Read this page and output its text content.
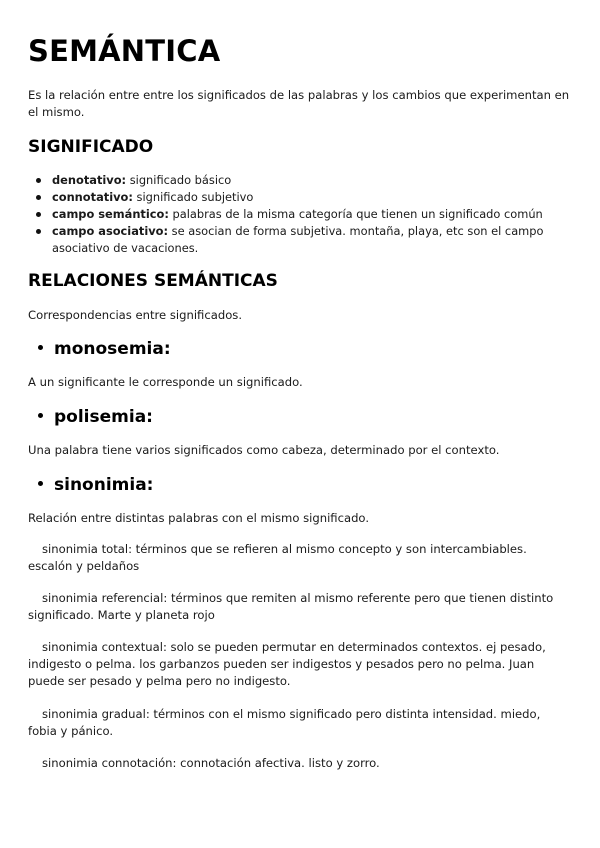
SEMÁNTICA

Es la relación entre entre los significados de las palabras y los cambios que experimentan en el mismo.

SIGNIFICADO
denotativo: significado básico
connotativo: significado subjetivo
campo semántico: palabras de la misma categoría que tienen un significado común
campo asociativo: se asocian de forma subjetiva. montaña, playa, etc son el campo asociativo de vacaciones.
RELACIONES SEMÁNTICAS

Correspondencias entre significados.

monosemia:

A un significante le corresponde un significado.

polisemia:

Una palabra tiene varios significados como cabeza, determinado por el contexto.

sinonimia:

Relación entre distintas palabras con el mismo significado.

sinonimia total: términos que se refieren al mismo concepto y son intercambiables. escalón y peldaños

sinonimia referencial: términos que remiten al mismo referente pero que tienen distinto significado. Marte y planeta rojo

sinonimia contextual: solo se pueden permutar en determinados contextos. ej pesado, indigesto o pelma. los garbanzos pueden ser indigestos y pesados pero no pelma. Juan puede ser pesado y pelma pero no indigesto.

sinonimia gradual: términos con el mismo significado pero distinta intensidad. miedo, fobia y pánico.

sinonimia connotación: connotación afectiva. listo y zorro.
